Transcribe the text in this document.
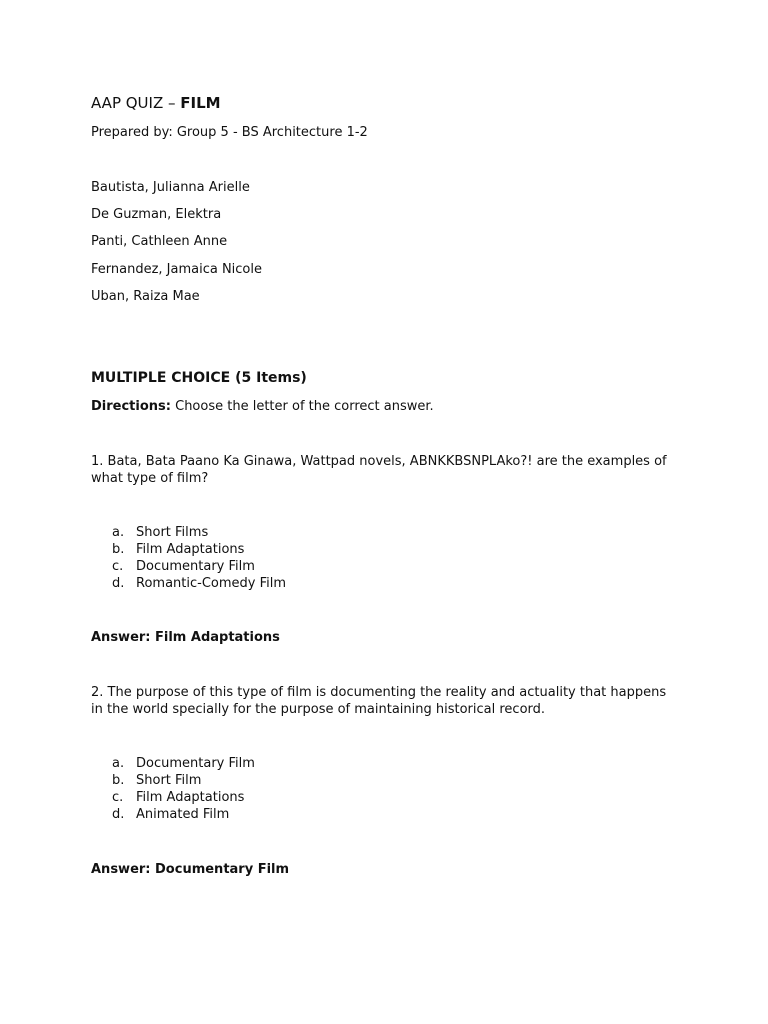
AAP QUIZ – FILM
Prepared by: Group 5 - BS Architecture 1-2
Bautista, Julianna Arielle
De Guzman, Elektra
Panti, Cathleen Anne
Fernandez, Jamaica Nicole
Uban, Raiza Mae
MULTIPLE CHOICE (5 Items)
Directions: Choose the letter of the correct answer.
1. Bata, Bata Paano Ka Ginawa, Wattpad novels, ABNKKBSNPLAko?! are the examples of what type of film?
a. Short Films
b. Film Adaptations
c. Documentary Film
d. Romantic-Comedy Film
Answer: Film Adaptations
2. The purpose of this type of film is documenting the reality and actuality that happens in the world specially for the purpose of maintaining historical record.
a. Documentary Film
b. Short Film
c. Film Adaptations
d. Animated Film
Answer: Documentary Film
